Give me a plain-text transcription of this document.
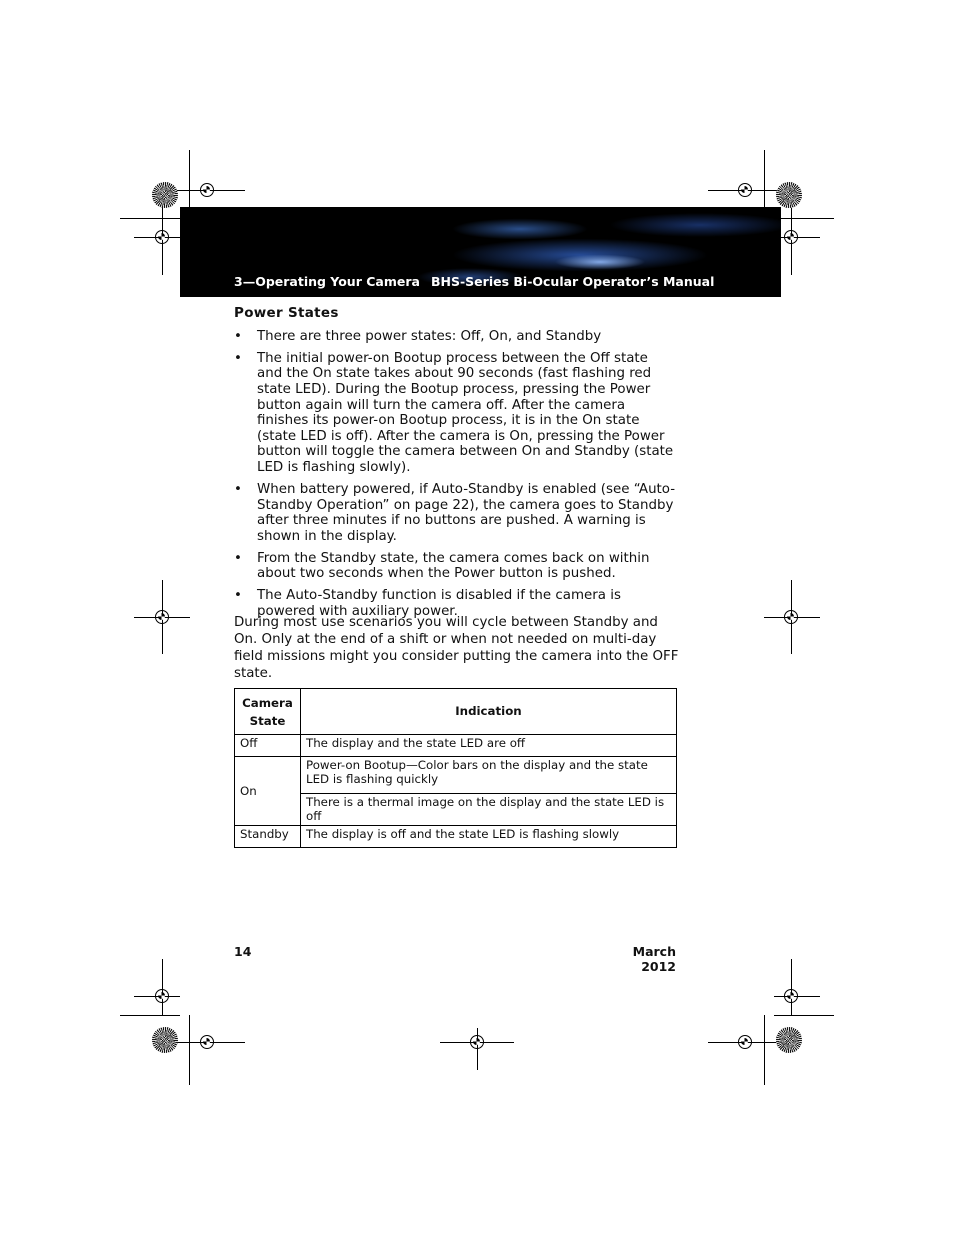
3—Operating Your Camera BHS-Series Bi-Ocular Operator’s Manual
Power States
• There are three power states: Off, On, and Standby
• The initial power-on Bootup process between the Off state and the On state takes about 90 seconds (fast flashing red state LED). During the Bootup process, pressing the Power button again will turn the camera off. After the camera finishes its power-on Bootup process, it is in the On state (state LED is off). After the camera is On, pressing the Power button will toggle the camera between On and Standby (state LED is flashing slowly).
• When battery powered, if Auto-Standby is enabled (see “Auto-Standby Operation” on page 22), the camera goes to Standby after three minutes if no buttons are pushed. A warning is shown in the display.
• From the Standby state, the camera comes back on within about two seconds when the Power button is pushed.
• The Auto-Standby function is disabled if the camera is powered with auxiliary power.
During most use scenarios you will cycle between Standby and On. Only at the end of a shift or when not needed on multi-day field missions might you consider putting the camera into the OFF state.
Camera State	Indication
Off	The display and the state LED are off
On	Power-on Bootup—Color bars on the display and the state LED is flashing quickly
	There is a thermal image on the display and the state LED is off
Standby	The display is off and the state LED is flashing slowly
14	March 2012
